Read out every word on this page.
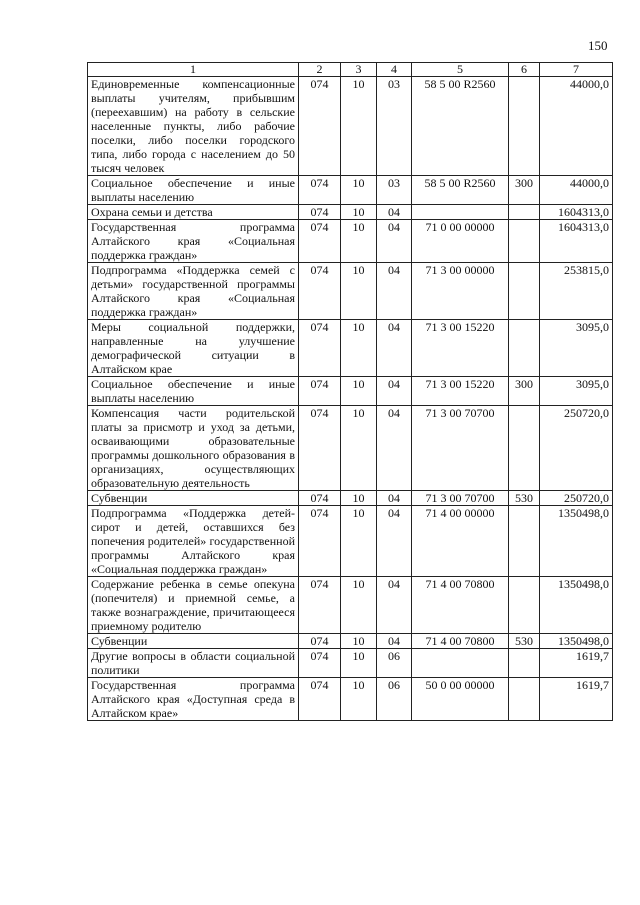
150
1	2	3	4	5	6	7
Единовременные компенсационные выплаты учителям, прибывшим (переехавшим) на работу в сельские населенные пункты, либо рабочие поселки, либо поселки городского типа, либо города с населением до 50 тысяч человек	074	10	03	58 5 00 R2560		44000,0
Социальное обеспечение и иные выплаты населению	074	10	03	58 5 00 R2560	300	44000,0
Охрана семьи и детства	074	10	04			1604313,0
Государственная программа Алтайского края «Социальная поддержка граждан»	074	10	04	71 0 00 00000		1604313,0
Подпрограмма «Поддержка семей с детьми» государственной программы Алтайского края «Социальная поддержка граждан»	074	10	04	71 3 00 00000		253815,0
Меры социальной поддержки, направленные на улучшение демографической ситуации в Алтайском крае	074	10	04	71 3 00 15220		3095,0
Социальное обеспечение и иные выплаты населению	074	10	04	71 3 00 15220	300	3095,0
Компенсация части родительской платы за присмотр и уход за детьми, осваивающими образовательные программы дошкольного образования в организациях, осуществляющих образовательную деятельность	074	10	04	71 3 00 70700		250720,0
Субвенции	074	10	04	71 3 00 70700	530	250720,0
Подпрограмма «Поддержка детей-сирот и детей, оставшихся без попечения родителей» государственной программы Алтайского края «Социальная поддержка граждан»	074	10	04	71 4 00 00000		1350498,0
Содержание ребенка в семье опекуна (попечителя) и приемной семье, а также вознаграждение, причитающееся приемному родителю	074	10	04	71 4 00 70800		1350498,0
Субвенции	074	10	04	71 4 00 70800	530	1350498,0
Другие вопросы в области социальной политики	074	10	06			1619,7
Государственная программа Алтайского края «Доступная среда в Алтайском крае»	074	10	06	50 0 00 00000		1619,7
